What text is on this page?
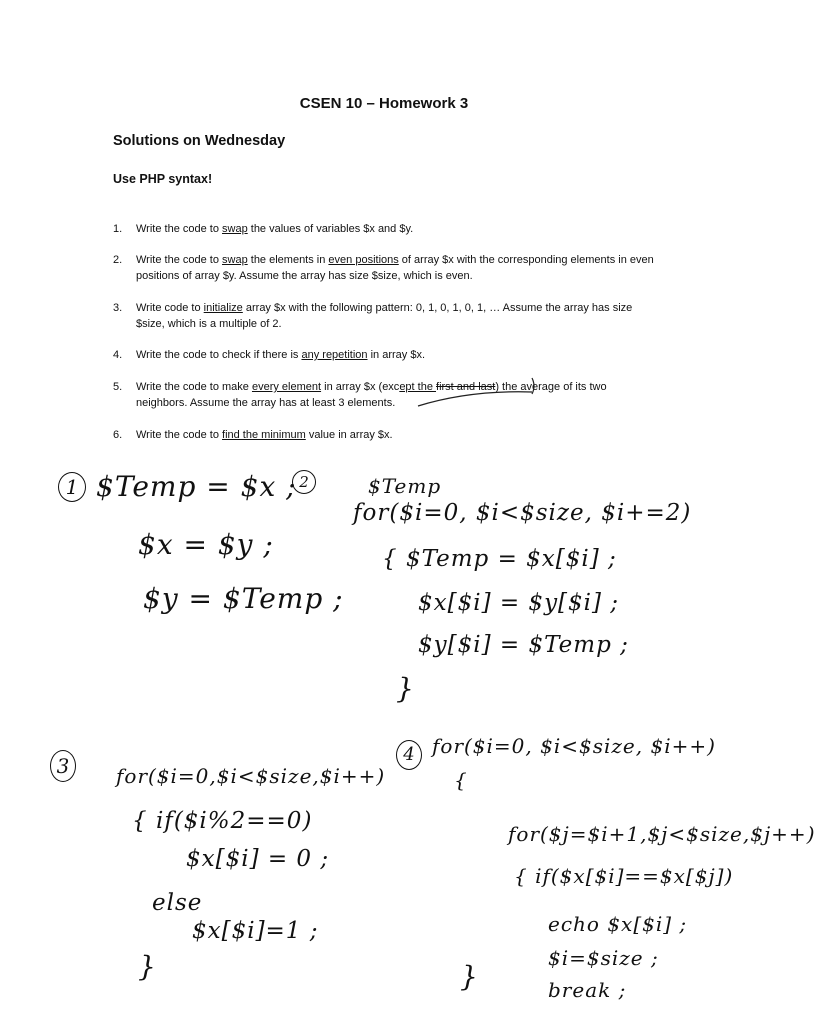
CSEN 10 – Homework 3
Solutions on Wednesday
Use PHP syntax!
1. Write the code to swap the values of variables $x and $y.
2. Write the code to swap the elements in even positions of array $x with the corresponding elements in even positions of array $y. Assume the array has size $size, which is even.
3. Write code to initialize array $x with the following pattern: 0, 1, 0, 1, 0, 1, … Assume the array has size $size, which is a multiple of 2.
4. Write the code to check if there is any repetition in array $x.
5. Write the code to make every element in array $x (except the first and last) the average of its two neighbors. Assume the array has at least 3 elements.
6. Write the code to find the minimum value in array $x.
1 $Temp = $x ;
$x = $y ;
$y = $Temp ;
2	$Temp
for($i=0, $i<$size, $i+=2)
{ $Temp = $x[$i] ;
$x[$i] = $y[$i] ;
$y[$i] = $Temp ;
}
3	for($i=0,$i<$size,$i++)
{ if($i%2==0)
$x[$i] = 0 ;
else
$x[$i]=1 ;
}
4 for($i=0, $i<$size, $i++)
{
for($j=$i+1,$j<$size,$j++)
{ if($x[$i]==$x[$j])
echo $x[$i] ;
$i=$size ;
break ;
}
